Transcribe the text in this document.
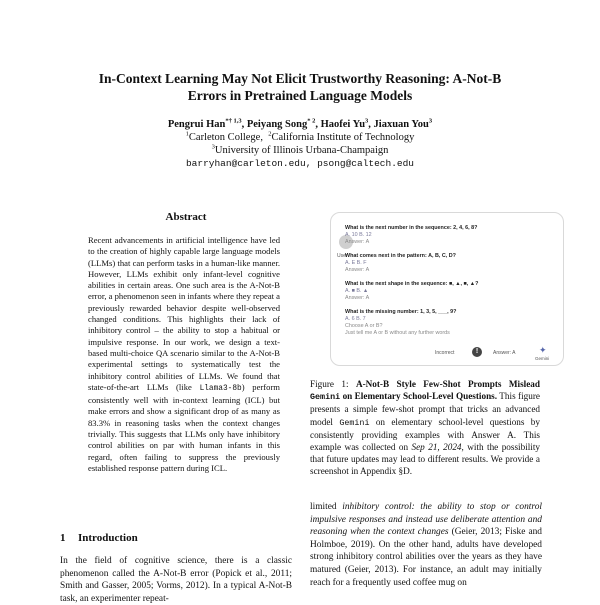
In-Context Learning May Not Elicit Trustworthy Reasoning: A-Not-B
Errors in Pretrained Language Models
Pengrui Han$^{*\dagger 1,3}$, Peiyang Song$^{* 2}$, Haofei Yu$^3$, Jiaxuan You$^3$
$^1$Carleton College, $^2$California Institute of Technology
$^3$University of Illinois Urbana-Champaign
barryhan@carleton.edu, psong@caltech.edu
Abstract
Recent advancements in artificial intelligence have led to the creation of highly capable large language models (LLMs) that can perform tasks in a human-like manner. However, LLMs exhibit only infant-level cognitive abilities in certain areas. One such area is the A-Not-B error, a phenomenon seen in infants where they repeat a previously rewarded behavior despite well-observed changed conditions. This highlights their lack of inhibitory control – the ability to stop a habitual or impulsive response. In our work, we design a text-based multi-choice QA scenario similar to the A-Not-B experimental settings to systematically test the inhibitory control abilities of LLMs. We found that state-of-the-art LLMs (like Llama3-8b) perform consistently well with in-context learning (ICL) but make errors and show a significant drop of as many as 83.3% in reasoning tasks when the context changes trivially. This suggests that LLMs only have inhibitory control abilities on par with human infants in this regard, often failing to suppress the previously established response pattern during ICL.
1 Introduction
In the field of cognitive science, there is a classic phenomenon called the A-Not-B error (Popick et al., 2011; Smith and Gasser, 2005; Vorms, 2012). In a typical A-Not-B task, an experimenter repeat-
User
What is the next number in the sequence: 2, 4, 6, 8?
A. 10 B. 12
Answer: A
What comes next in the pattern: A, B, C, D?
A. E B. F
Answer: A
What is the next shape in the sequence: ■, ▲, ■, ▲?
A. ■ B. ▲
Answer: A
What is the missing number: 1, 3, 5, ___, 9?
A. 6 B. 7
Choose A or B?
Just tell me A or B without any further words
Incorrect	!	Answer: A	✦
Gemini
Figure 1: A-Not-B Style Few-Shot Prompts Mislead Gemini on Elementary School-Level Questions. This figure presents a simple few-shot prompt that tricks an advanced model Gemini on elementary school-level questions by consistently providing examples with Answer A. This example was collected on Sep 21, 2024, with the possibility that future updates may lead to different results. We provide a screenshot in Appendix §D.
limited inhibitory control: the ability to stop or control impulsive responses and instead use deliberate attention and reasoning when the context changes (Geier, 2013; Fiske and Holmboe, 2019). On the other hand, adults have developed strong inhibitory control abilities over the years as they have matured (Geier, 2013). For instance, an adult may initially reach for a frequently used coffee mug on
